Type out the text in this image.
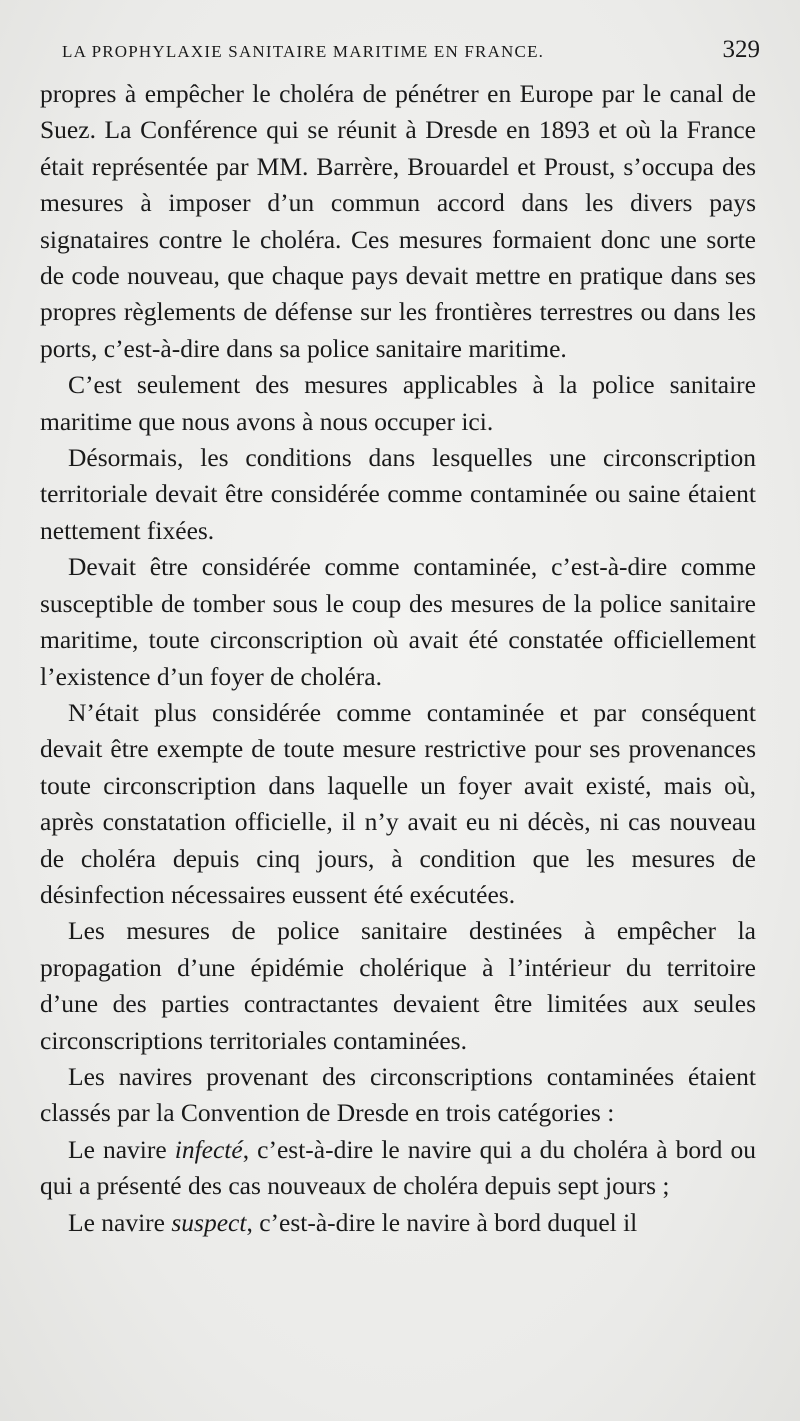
LA PROPHYLAXIE SANITAIRE MARITIME EN FRANCE.	329

propres à empêcher le choléra de pénétrer en Europe par le canal de Suez. La Conférence qui se réunit à Dresde en 1893 et où la France était représentée par MM. Barrère, Brouardel et Proust, s’occupa des mesures à imposer d’un commun accord dans les divers pays signataires contre le choléra. Ces mesures formaient donc une sorte de code nouveau, que chaque pays devait mettre en pratique dans ses propres règlements de défense sur les frontières terrestres ou dans les ports, c’est-à-dire dans sa police sanitaire maritime.

C’est seulement des mesures applicables à la police sanitaire maritime que nous avons à nous occuper ici.

Désormais, les conditions dans lesquelles une circonscription territoriale devait être considérée comme contaminée ou saine étaient nettement fixées.

Devait être considérée comme contaminée, c’est-à-dire comme susceptible de tomber sous le coup des mesures de la police sanitaire maritime, toute circonscription où avait été constatée officiellement l’existence d’un foyer de choléra.

N’était plus considérée comme contaminée et par conséquent devait être exempte de toute mesure restrictive pour ses provenances toute circonscription dans laquelle un foyer avait existé, mais où, après constatation officielle, il n’y avait eu ni décès, ni cas nouveau de choléra depuis cinq jours, à condition que les mesures de désinfection nécessaires eussent été exécutées.

Les mesures de police sanitaire destinées à empêcher la propagation d’une épidémie cholérique à l’intérieur du territoire d’une des parties contractantes devaient être limitées aux seules circonscriptions territoriales contaminées.

Les navires provenant des circonscriptions contaminées étaient classés par la Convention de Dresde en trois catégories :

Le navire infecté, c’est-à-dire le navire qui a du choléra à bord ou qui a présenté des cas nouveaux de choléra depuis sept jours ;

Le navire suspect, c’est-à-dire le navire à bord duquel il
